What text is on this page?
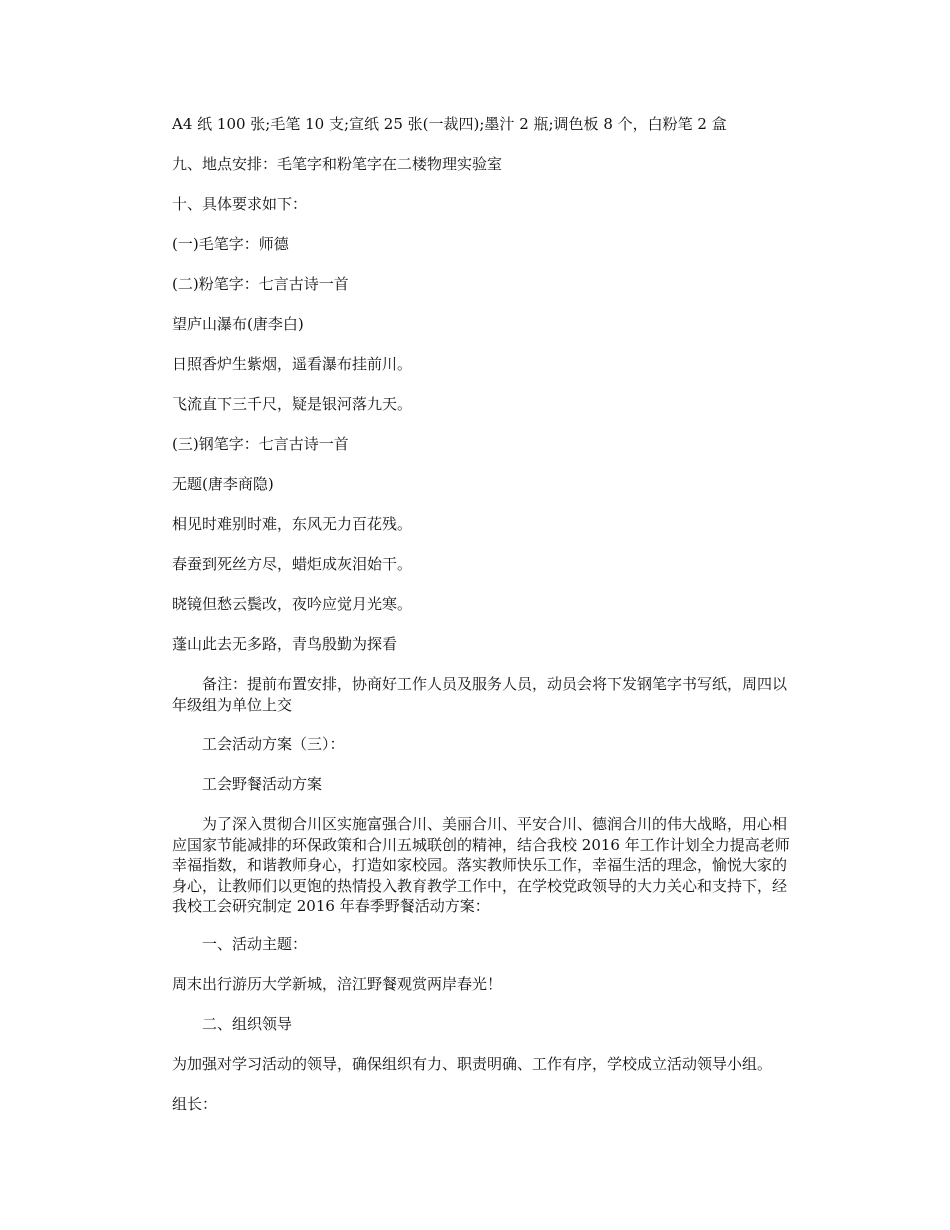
A4 纸 100 张;毛笔 10 支;宣纸 25 张(一裁四);墨汁 2 瓶;调色板 8 个，白粉笔 2 盒
九、地点安排：毛笔字和粉笔字在二楼物理实验室
十、具体要求如下：
(一)毛笔字：师德
(二)粉笔字：七言古诗一首
望庐山瀑布(唐李白)
日照香炉生紫烟，遥看瀑布挂前川。
飞流直下三千尺，疑是银河落九天。
(三)钢笔字：七言古诗一首
无题(唐李商隐)
相见时难别时难，东风无力百花残。
春蚕到死丝方尽，蜡炬成灰泪始干。
晓镜但愁云鬓改，夜吟应觉月光寒。
蓬山此去无多路，青鸟殷勤为探看
　　备注：提前布置安排，协商好工作人员及服务人员，动员会将下发钢笔字书写纸，周四以
年级组为单位上交
　　工会活动方案（三）：
　　工会野餐活动方案
　　为了深入贯彻合川区实施富强合川、美丽合川、平安合川、德润合川的伟大战略，用心相
应国家节能减排的环保政策和合川五城联创的精神，结合我校 2016 年工作计划全力提高老师
幸福指数，和谐教师身心，打造如家校园。落实教师快乐工作，幸福生活的理念，愉悦大家的
身心，让教师们以更饱的热情投入教育教学工作中，在学校党政领导的大力关心和支持下，经
我校工会研究制定 2016 年春季野餐活动方案：
　　一、活动主题：
周末出行游历大学新城，涪江野餐观赏两岸春光！
　　二、组织领导
为加强对学习活动的领导，确保组织有力、职责明确、工作有序，学校成立活动领导小组。
组长：
